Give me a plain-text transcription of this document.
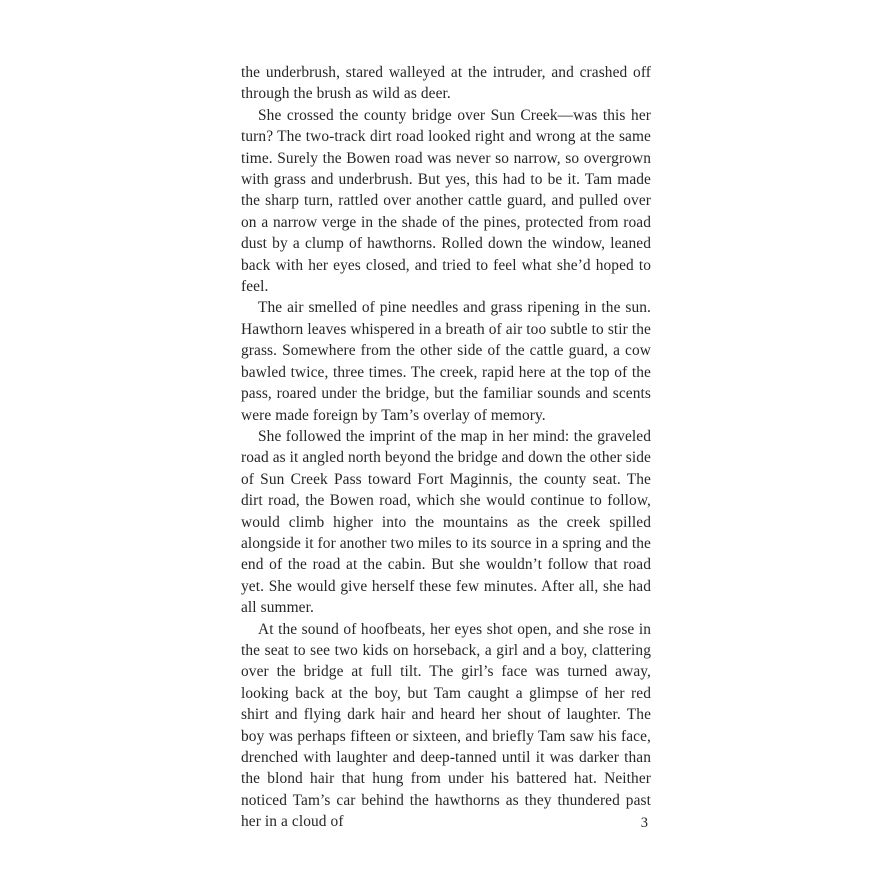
the underbrush, stared walleyed at the intruder, and crashed off through the brush as wild as deer.

She crossed the county bridge over Sun Creek—was this her turn? The two-track dirt road looked right and wrong at the same time. Surely the Bowen road was never so narrow, so overgrown with grass and underbrush. But yes, this had to be it. Tam made the sharp turn, rattled over another cattle guard, and pulled over on a narrow verge in the shade of the pines, protected from road dust by a clump of hawthorns. Rolled down the window, leaned back with her eyes closed, and tried to feel what she’d hoped to feel.

The air smelled of pine needles and grass ripening in the sun. Hawthorn leaves whispered in a breath of air too subtle to stir the grass. Somewhere from the other side of the cattle guard, a cow bawled twice, three times. The creek, rapid here at the top of the pass, roared under the bridge, but the familiar sounds and scents were made foreign by Tam’s overlay of memory.

She followed the imprint of the map in her mind: the graveled road as it angled north beyond the bridge and down the other side of Sun Creek Pass toward Fort Maginnis, the county seat. The dirt road, the Bowen road, which she would continue to follow, would climb higher into the mountains as the creek spilled alongside it for another two miles to its source in a spring and the end of the road at the cabin. But she wouldn’t follow that road yet. She would give herself these few minutes. After all, she had all summer.

At the sound of hoofbeats, her eyes shot open, and she rose in the seat to see two kids on horseback, a girl and a boy, clattering over the bridge at full tilt. The girl’s face was turned away, looking back at the boy, but Tam caught a glimpse of her red shirt and flying dark hair and heard her shout of laughter. The boy was perhaps fifteen or sixteen, and briefly Tam saw his face, drenched with laughter and deep-tanned until it was darker than the blond hair that hung from under his battered hat. Neither noticed Tam’s car behind the hawthorns as they thundered past her in a cloud of	3
